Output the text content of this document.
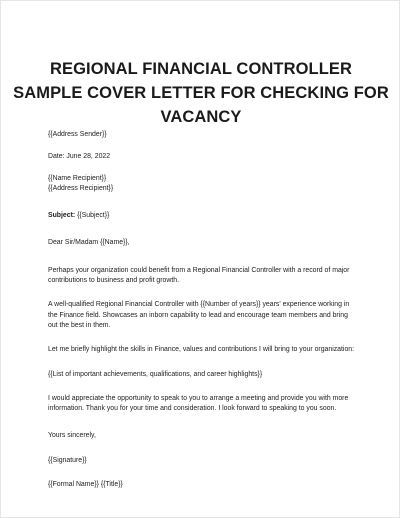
REGIONAL FINANCIAL CONTROLLER
SAMPLE COVER LETTER FOR CHECKING FOR
VACANCY

{{Address Sender}}

Date: June 28, 2022

{{Name Recipient}}

{{Address Recipient}}

Subject: {{Subject}}

Dear Sir/Madam {{Name}},

Perhaps your organization could benefit from a Regional Financial Controller with a record of major contributions to business and profit growth.

A well-qualified Regional Financial Controller with {{Number of years}} years' experience working in the Finance field. Showcases an inborn capability to lead and encourage team members and bring out the best in them.

Let me briefly highlight the skills in Finance, values and contributions I will bring to your organization:

{{List of important achievements, qualifications, and career highlights}}

I would appreciate the opportunity to speak to you to arrange a meeting and provide you with more information. Thank you for your time and consideration. I look forward to speaking to you soon.

Yours sincerely,

{{Signature}}

{{Formal Name}} {{Title}}
